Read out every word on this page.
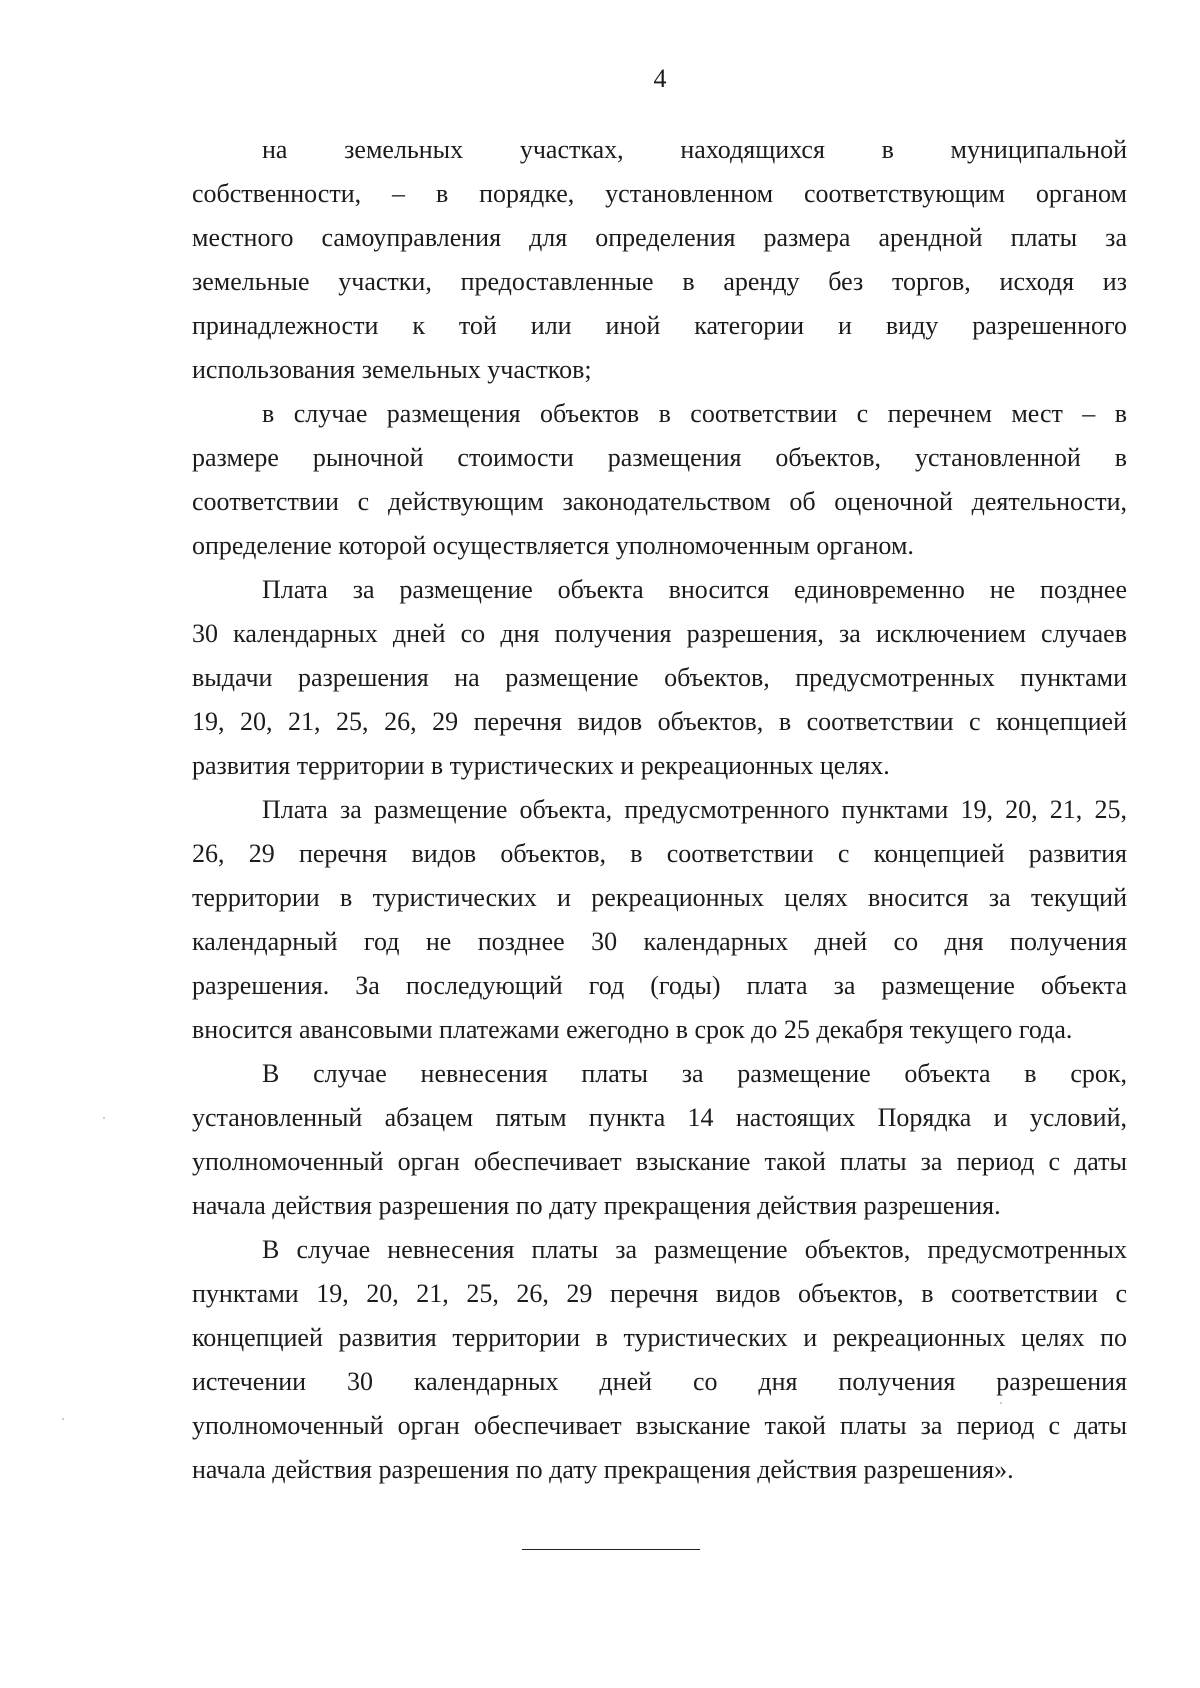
4
на земельных участках, находящихся в муниципальной
собственности, – в порядке, установленном соответствующим органом
местного самоуправления для определения размера арендной платы за
земельные участки, предоставленные в аренду без торгов, исходя из
принадлежности к той или иной категории и виду разрешенного
использования земельных участков;
в случае размещения объектов в соответствии с перечнем мест – в
размере рыночной стоимости размещения объектов, установленной в
соответствии с действующим законодательством об оценочной деятельности,
определение которой осуществляется уполномоченным органом.
Плата за размещение объекта вносится единовременно не позднее
30 календарных дней со дня получения разрешения, за исключением случаев
выдачи разрешения на размещение объектов, предусмотренных пунктами
19, 20, 21, 25, 26, 29 перечня видов объектов, в соответствии с концепцией
развития территории в туристических и рекреационных целях.
Плата за размещение объекта, предусмотренного пунктами 19, 20, 21, 25,
26, 29 перечня видов объектов, в соответствии с концепцией развития
территории в туристических и рекреационных целях вносится за текущий
календарный год не позднее 30 календарных дней со дня получения
разрешения. За последующий год (годы) плата за размещение объекта
вносится авансовыми платежами ежегодно в срок до 25 декабря текущего года.
В случае невнесения платы за размещение объекта в срок,
установленный абзацем пятым пункта 14 настоящих Порядка и условий,
уполномоченный орган обеспечивает взыскание такой платы за период с даты
начала действия разрешения по дату прекращения действия разрешения.
В случае невнесения платы за размещение объектов, предусмотренных
пунктами 19, 20, 21, 25, 26, 29 перечня видов объектов, в соответствии с
концепцией развития территории в туристических и рекреационных целях по
истечении 30 календарных дней со дня получения разрешения
уполномоченный орган обеспечивает взыскание такой платы за период с даты
начала действия разрешения по дату прекращения действия разрешения».
